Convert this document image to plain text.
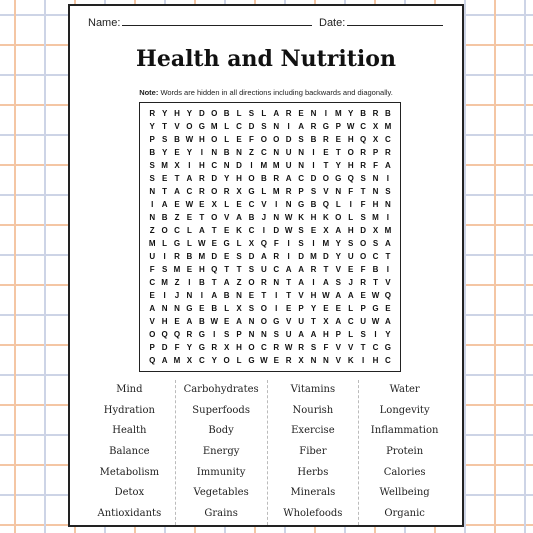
Name:	Date:
Health and Nutrition
Note: Words are hidden in all directions including backwards and diagonally.
R Y H Y D O B L S L A R E N	I M Y B R B
Y T V O G M L C D S N	I	A R G P W C X M
P S B W H O L E F O O D S B R E H Q X C
B Y E Y	I	N B N Z C N U N	I	E T O R P R
S M X	I	H C N D	I M M U N	I	T Y H R F A
S E T A R D Y H O B R A C D O G Q S N	I
N T A C R O R X G L M R P S V N F T N S
I	A E W E X L E C V	I	N G B Q L	I	F H N
N B Z E T O V A B J N W K H K O L S M I
Z O C L A T E K C	I	D W S E X A H D X M
M L G L W E G L X Q F	I	S	I M Y S O S A
U	I	R B M D E S D A R	I	D M D Y U O C T
F S M E H Q T T S U C A A R T V E F B	I
C M Z	I	B T A Z O R N T A	I	A S J R T V
E	I	J N	I	A B N E T	I	T V H W A A E W Q
A N N G E B L X S O	I	E P Y E E L P G E
V H E A B W E A N O G V U T X A C U W A
O Q Q R G	I	S P N N S U A A H P L S	I	Y
P D F Y G R X H O C R W R S F V V T C G
Q A M X C Y O L G W E R X N N V K	I	H C
Mind
Hydration
Health
Balance
Metabolism
Detox
Antioxidants
Carbohydrates
Superfoods
Body
Energy
Immunity
Vegetables
Grains
Vitamins
Nourish
Exercise
Fiber
Herbs
Minerals
Wholefoods
Water
Longevity
Inflammation
Protein
Calories
Wellbeing
Organic
